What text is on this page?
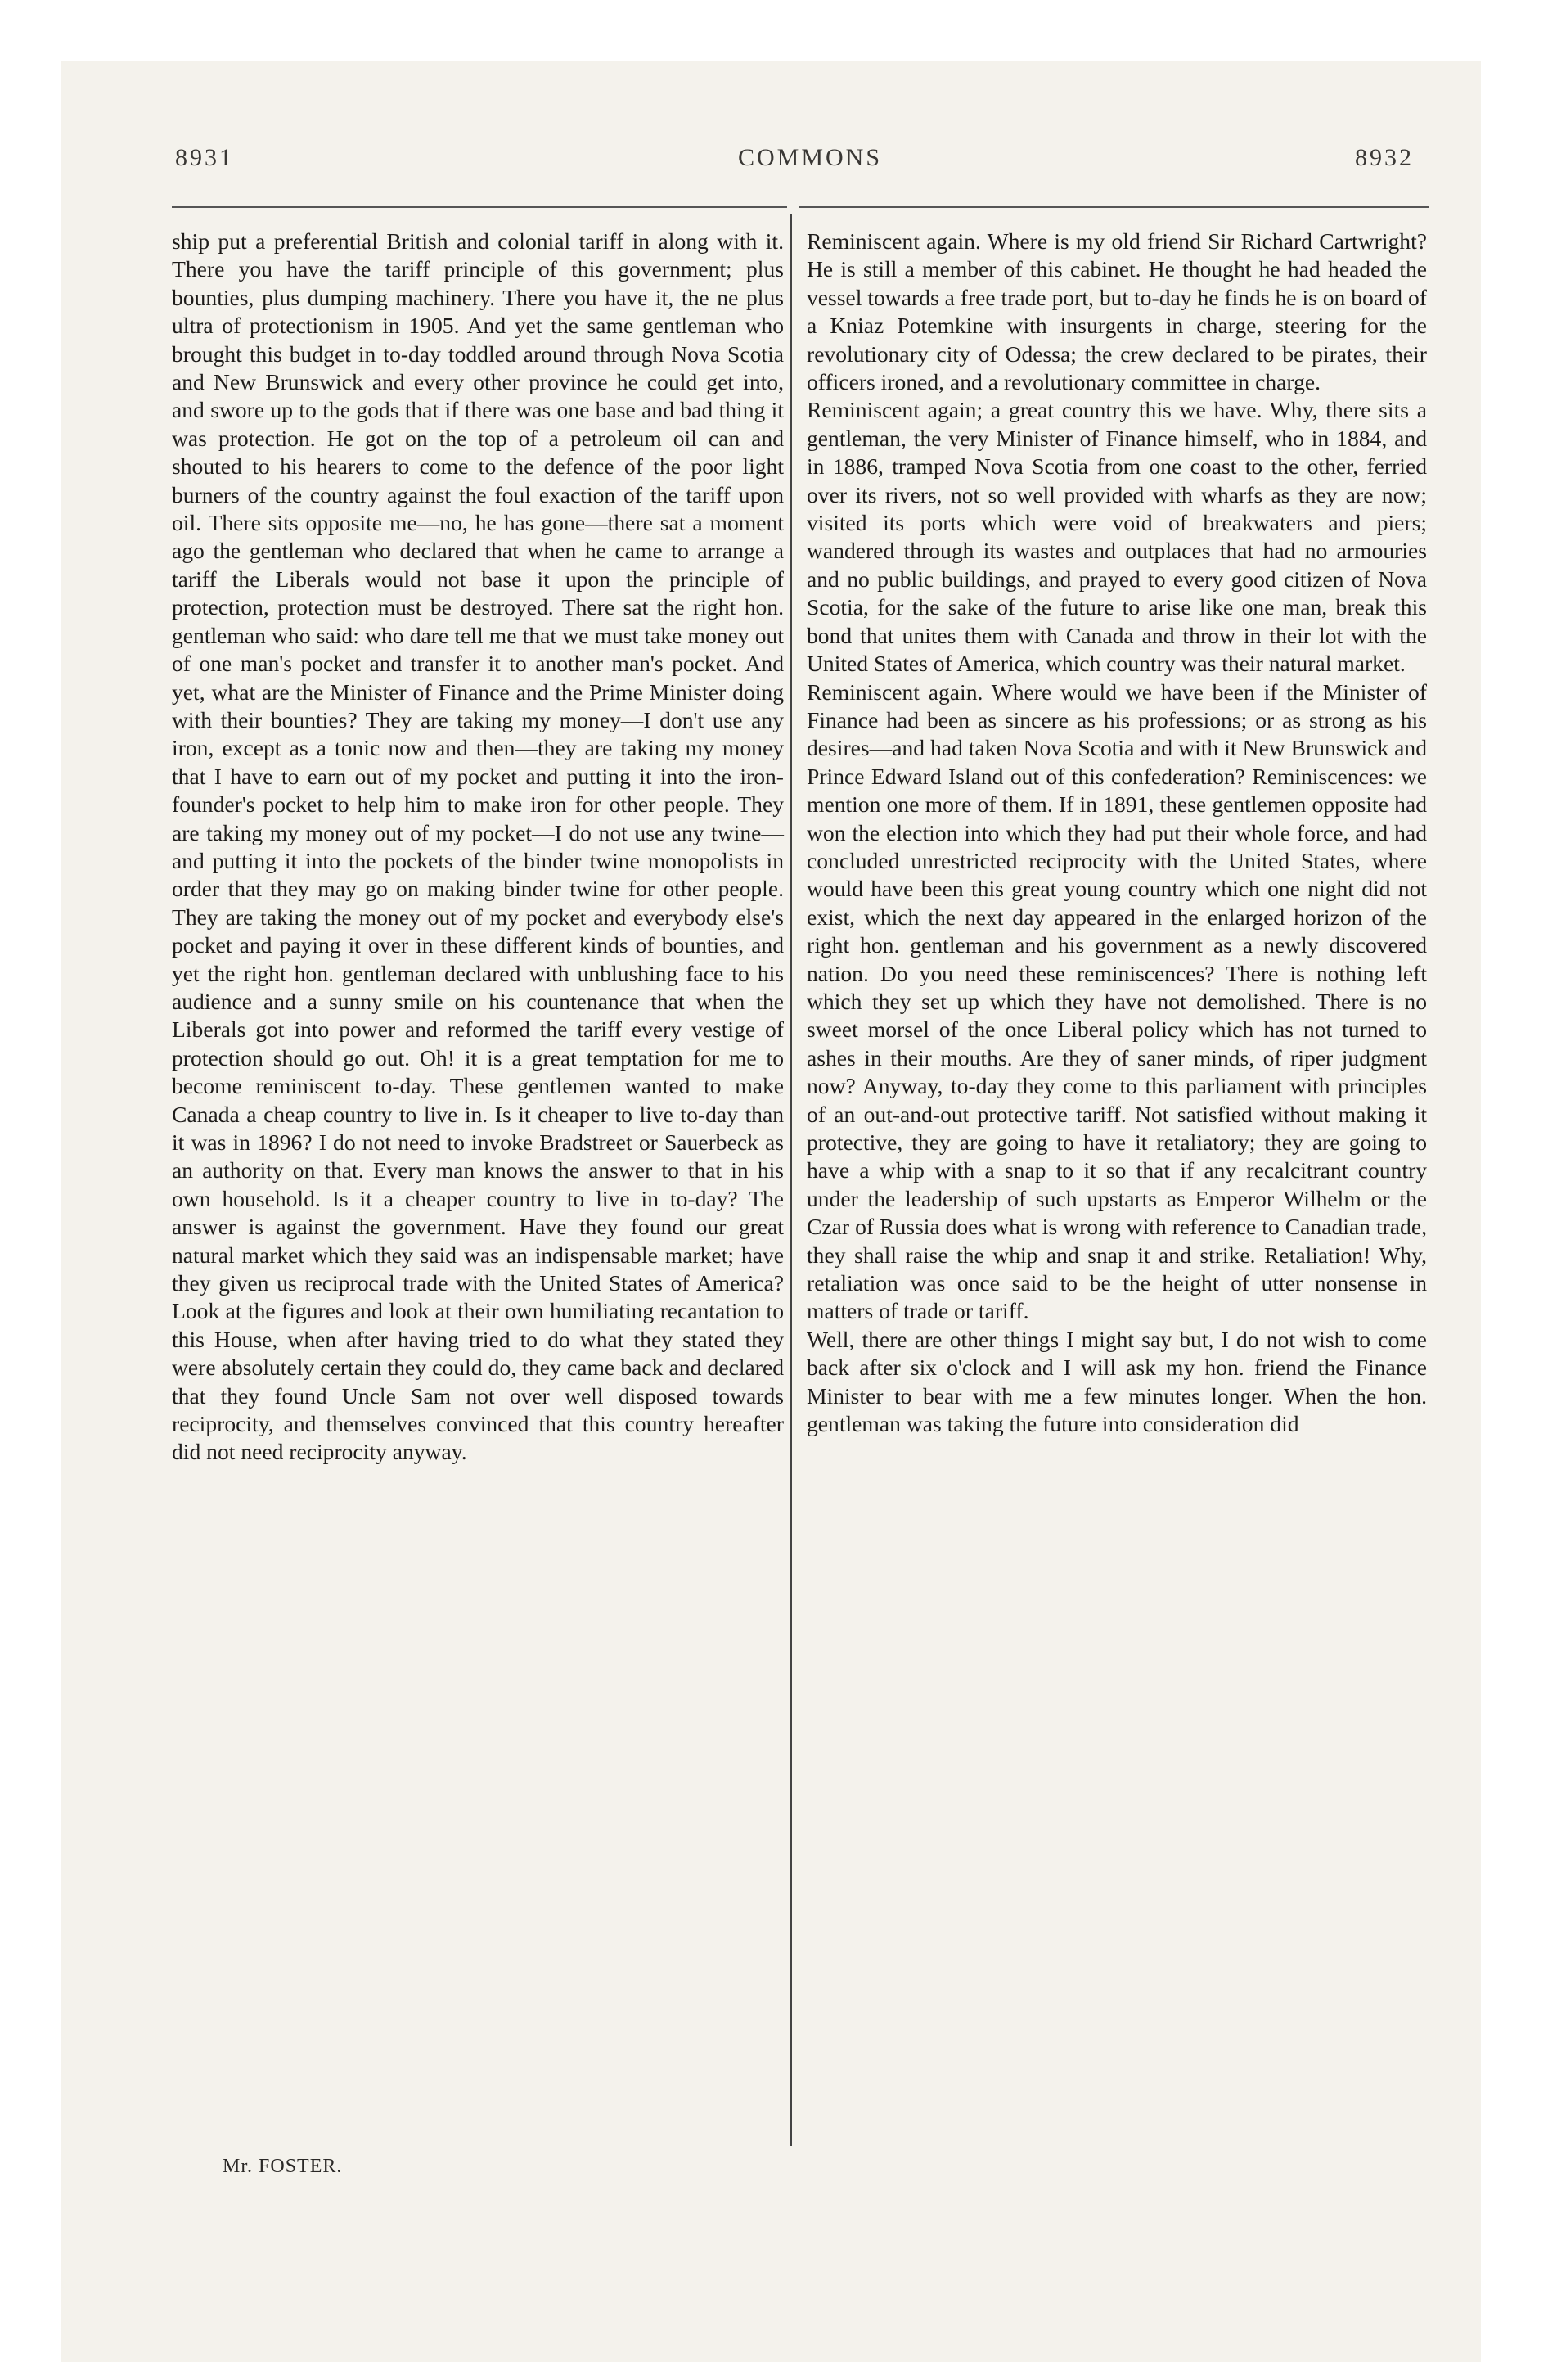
8931	COMMONS	8932
ship put a preferential British and colonial tariff in along with it. There you have the tariff principle of this government; plus bounties, plus dumping machinery. There you have it, the ne plus ultra of protectionism in 1905. And yet the same gentleman who brought this budget in to-day toddled around through Nova Scotia and New Brunswick and every other province he could get into, and swore up to the gods that if there was one base and bad thing it was protection. He got on the top of a petroleum oil can and shouted to his hearers to come to the defence of the poor light burners of the country against the foul exaction of the tariff upon oil. There sits opposite me—no, he has gone—there sat a moment ago the gentleman who declared that when he came to arrange a tariff the Liberals would not base it upon the principle of protection, protection must be destroyed. There sat the right hon. gentleman who said: who dare tell me that we must take money out of one man's pocket and transfer it to another man's pocket. And yet, what are the Minister of Finance and the Prime Minister doing with their bounties? They are taking my money—I don't use any iron, except as a tonic now and then—they are taking my money that I have to earn out of my pocket and putting it into the iron-founder's pocket to help him to make iron for other people. They are taking my money out of my pocket—I do not use any twine—and putting it into the pockets of the binder twine monopolists in order that they may go on making binder twine for other people. They are taking the money out of my pocket and everybody else's pocket and paying it over in these different kinds of bounties, and yet the right hon. gentleman declared with unblushing face to his audience and a sunny smile on his countenance that when the Liberals got into power and reformed the tariff every vestige of protection should go out. Oh! it is a great temptation for me to become reminiscent to-day. These gentlemen wanted to make Canada a cheap country to live in. Is it cheaper to live to-day than it was in 1896? I do not need to invoke Bradstreet or Sauerbeck as an authority on that. Every man knows the answer to that in his own household. Is it a cheaper country to live in to-day? The answer is against the government. Have they found our great natural market which they said was an indispensable market; have they given us reciprocal trade with the United States of America? Look at the figures and look at their own humiliating recantation to this House, when after having tried to do what they stated they were absolutely certain they could do, they came back and declared that they found Uncle Sam not over well disposed towards reciprocity, and themselves convinced that this country hereafter did not need reciprocity anyway.
Reminiscent again. Where is my old friend Sir Richard Cartwright? He is still a member of this cabinet. He thought he had headed the vessel towards a free trade port, but to-day he finds he is on board of a Kniaz Potemkine with insurgents in charge, steering for the revolutionary city of Odessa; the crew declared to be pirates, their officers ironed, and a revolutionary committee in charge.
Reminiscent again; a great country this we have. Why, there sits a gentleman, the very Minister of Finance himself, who in 1884, and in 1886, tramped Nova Scotia from one coast to the other, ferried over its rivers, not so well provided with wharfs as they are now; visited its ports which were void of breakwaters and piers; wandered through its wastes and outplaces that had no armouries and no public buildings, and prayed to every good citizen of Nova Scotia, for the sake of the future to arise like one man, break this bond that unites them with Canada and throw in their lot with the United States of America, which country was their natural market.
Reminiscent again. Where would we have been if the Minister of Finance had been as sincere as his professions; or as strong as his desires—and had taken Nova Scotia and with it New Brunswick and Prince Edward Island out of this confederation? Reminiscences: we mention one more of them. If in 1891, these gentlemen opposite had won the election into which they had put their whole force, and had concluded unrestricted reciprocity with the United States, where would have been this great young country which one night did not exist, which the next day appeared in the enlarged horizon of the right hon. gentleman and his government as a newly discovered nation. Do you need these reminiscences? There is nothing left which they set up which they have not demolished. There is no sweet morsel of the once Liberal policy which has not turned to ashes in their mouths. Are they of saner minds, of riper judgment now? Anyway, to-day they come to this parliament with principles of an out-and-out protective tariff. Not satisfied without making it protective, they are going to have it retaliatory; they are going to have a whip with a snap to it so that if any recalcitrant country under the leadership of such upstarts as Emperor Wilhelm or the Czar of Russia does what is wrong with reference to Canadian trade, they shall raise the whip and snap it and strike. Retaliation! Why, retaliation was once said to be the height of utter nonsense in matters of trade or tariff.
Well, there are other things I might say but, I do not wish to come back after six o'clock and I will ask my hon. friend the Finance Minister to bear with me a few minutes longer. When the hon. gentleman was taking the future into consideration did
Mr. FOSTER.
